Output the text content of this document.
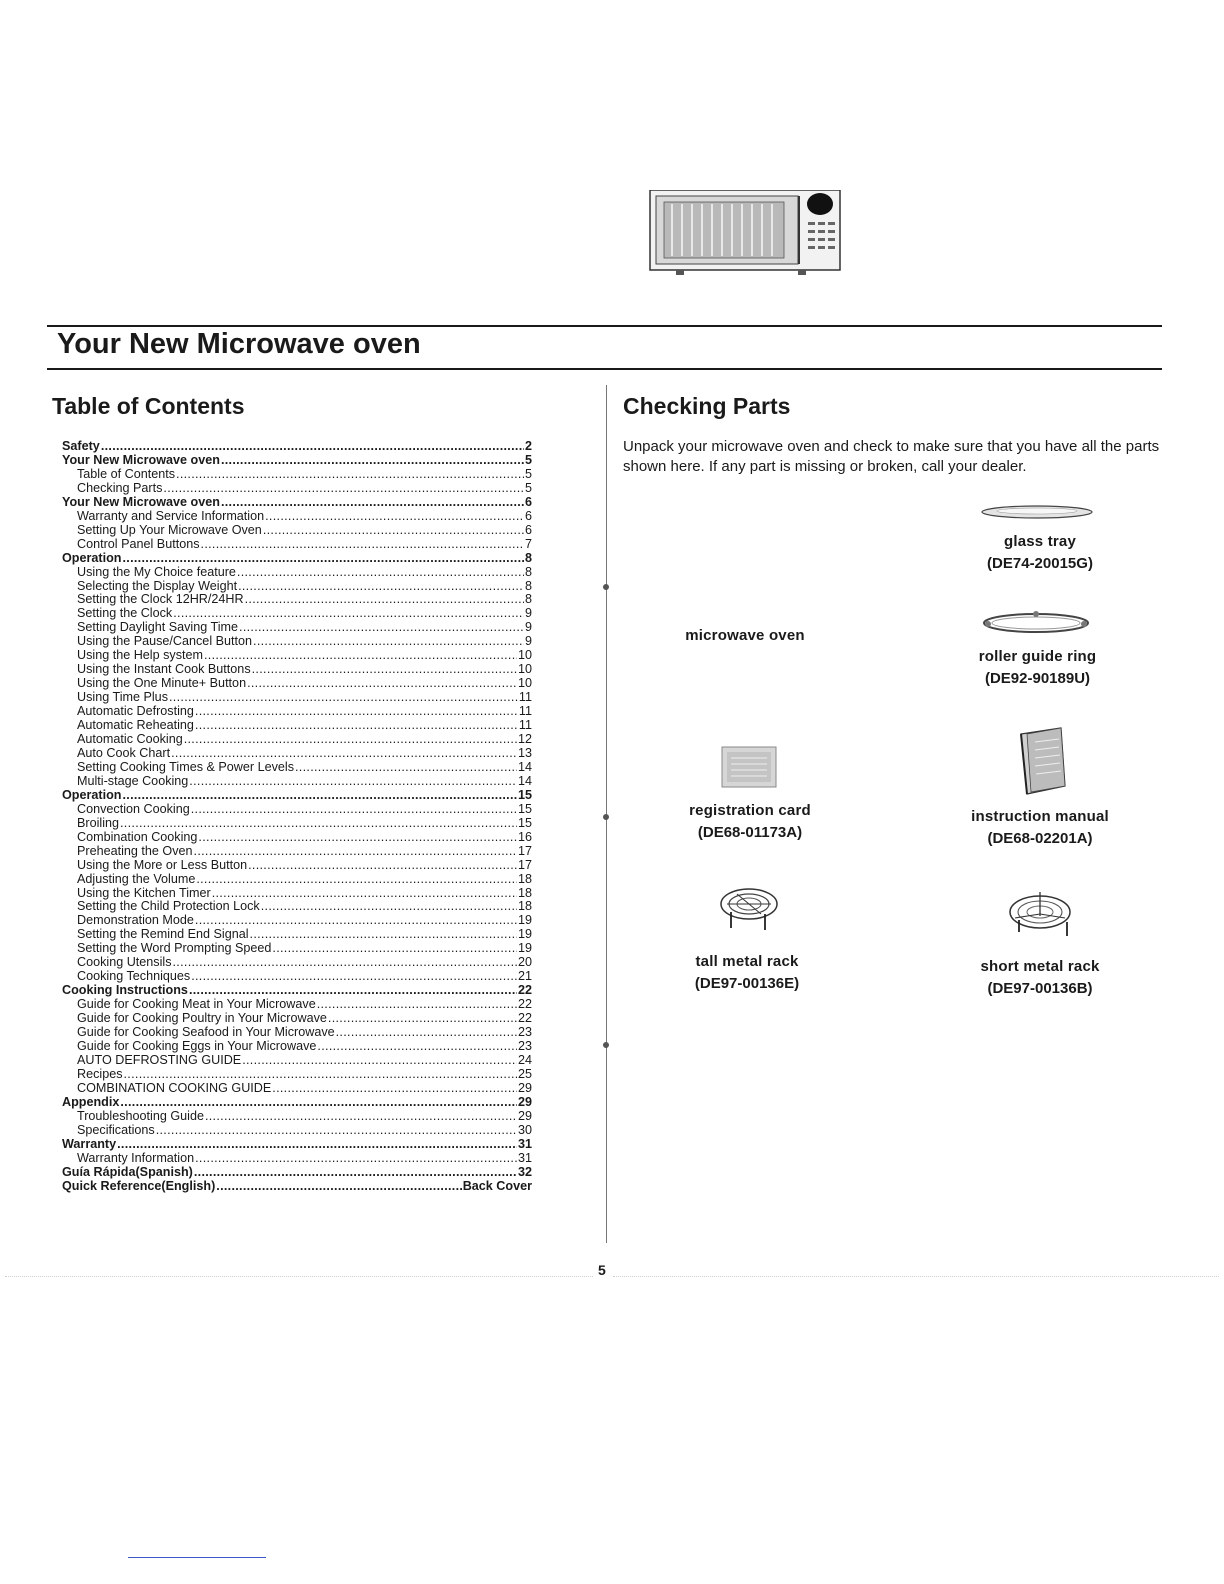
Your New Microwave oven
Table of Contents
Safety .....	2
Your New Microwave oven .....	5
Table of Contents .....	5
Checking Parts .....	5
Your New Microwave oven .....	6
Warranty and Service Information .....	6
Setting Up Your Microwave Oven .....	6
Control Panel Buttons .....	7
Operation .....	8
Using the My Choice feature .....	8
Selecting the Display Weight .....	8
Setting the Clock 12HR/24HR .....	8
Setting the Clock .....	9
Setting Daylight Saving Time .....	9
Using the Pause/Cancel Button .....	9
Using the Help system .....	10
Using the Instant Cook Buttons .....	10
Using the One Minute+ Button .....	10
Using Time Plus .....	11
Automatic Defrosting .....	11
Automatic Reheating .....	11
Automatic Cooking .....	12
Auto Cook Chart .....	13
Setting Cooking Times & Power Levels .....	14
Multi-stage Cooking .....	14
Operation .....	15
Convection Cooking .....	15
Broiling .....	15
Combination Cooking .....	16
Preheating the Oven .....	17
Using the More or Less Button .....	17
Adjusting the Volume .....	18
Using the Kitchen Timer .....	18
Setting the Child Protection Lock .....	18
Demonstration Mode .....	19
Setting the Remind End Signal .....	19
Setting the Word Prompting Speed .....	19
Cooking Utensils .....	20
Cooking Techniques .....	21
Cooking Instructions .....	22
Guide for Cooking Meat in Your Microwave .....	22
Guide for Cooking Poultry in Your Microwave .....	22
Guide for Cooking Seafood in Your Microwave .....	23
Guide for Cooking Eggs in Your Microwave .....	23
AUTO DEFROSTING GUIDE .....	24
Recipes .....	25
COMBINATION COOKING GUIDE .....	29
Appendix .....	29
Troubleshooting Guide .....	29
Specifications .....	30
Warranty .....	31
Warranty Information .....	31
Guía Rápida(Spanish) .....	32
Quick Reference(English) .....	Back Cover
Checking Parts

Unpack your microwave oven and check to make sure that you have all the parts shown here. If any part is missing or broken, call your dealer.

microwave oven
glass tray
(DE74-20015G)
roller guide ring
(DE92-90189U)
registration card
(DE68-01173A)
instruction manual
(DE68-02201A)
tall metal rack
(DE97-00136E)
short metal rack
(DE97-00136B)
5
